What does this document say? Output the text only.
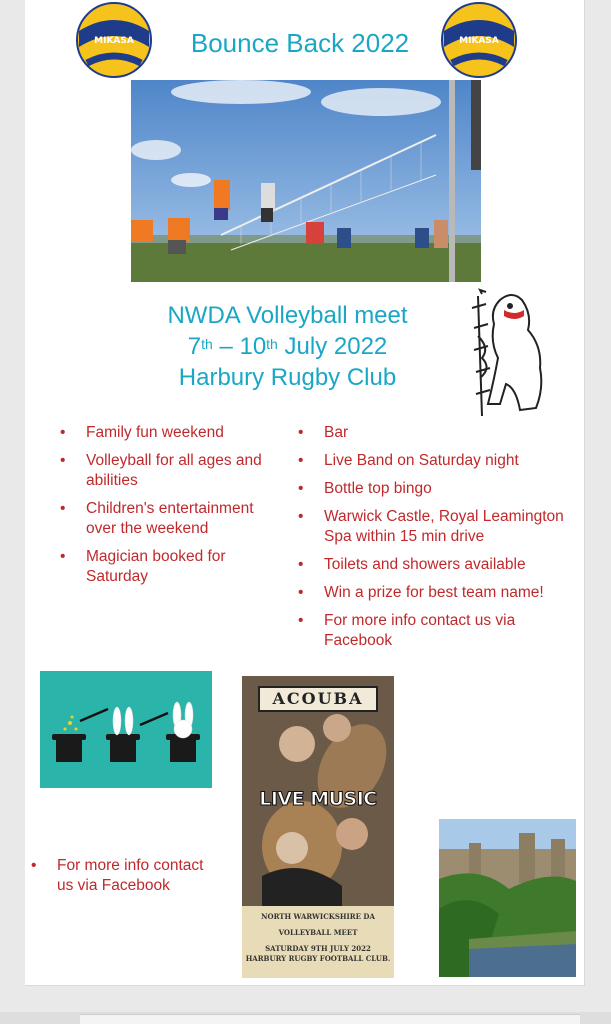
MIKASA	MIKASA
Bounce Back 2022
NWDA Volleyball meet
7th – 10th July 2022
Harbury Rugby Club
• Family fun weekend
• Volleyball for all ages and abilities
• Children's entertainment over the weekend
• Magician booked for Saturday
• Bar
• Live Band on Saturday night
• Bottle top bingo
• Warwick Castle, Royal Leamington Spa within 15 min drive
• Toilets and showers available
• Win a prize for best team name!
• For more info contact us via Facebook
ACOUBA
LIVE MUSIC
NORTH WARWICKSHIRE DA
VOLLEYBALL MEET
SATURDAY 9TH JULY 2022
HARBURY RUGBY FOOTBALL CLUB.
• For more info contact us via Facebook
